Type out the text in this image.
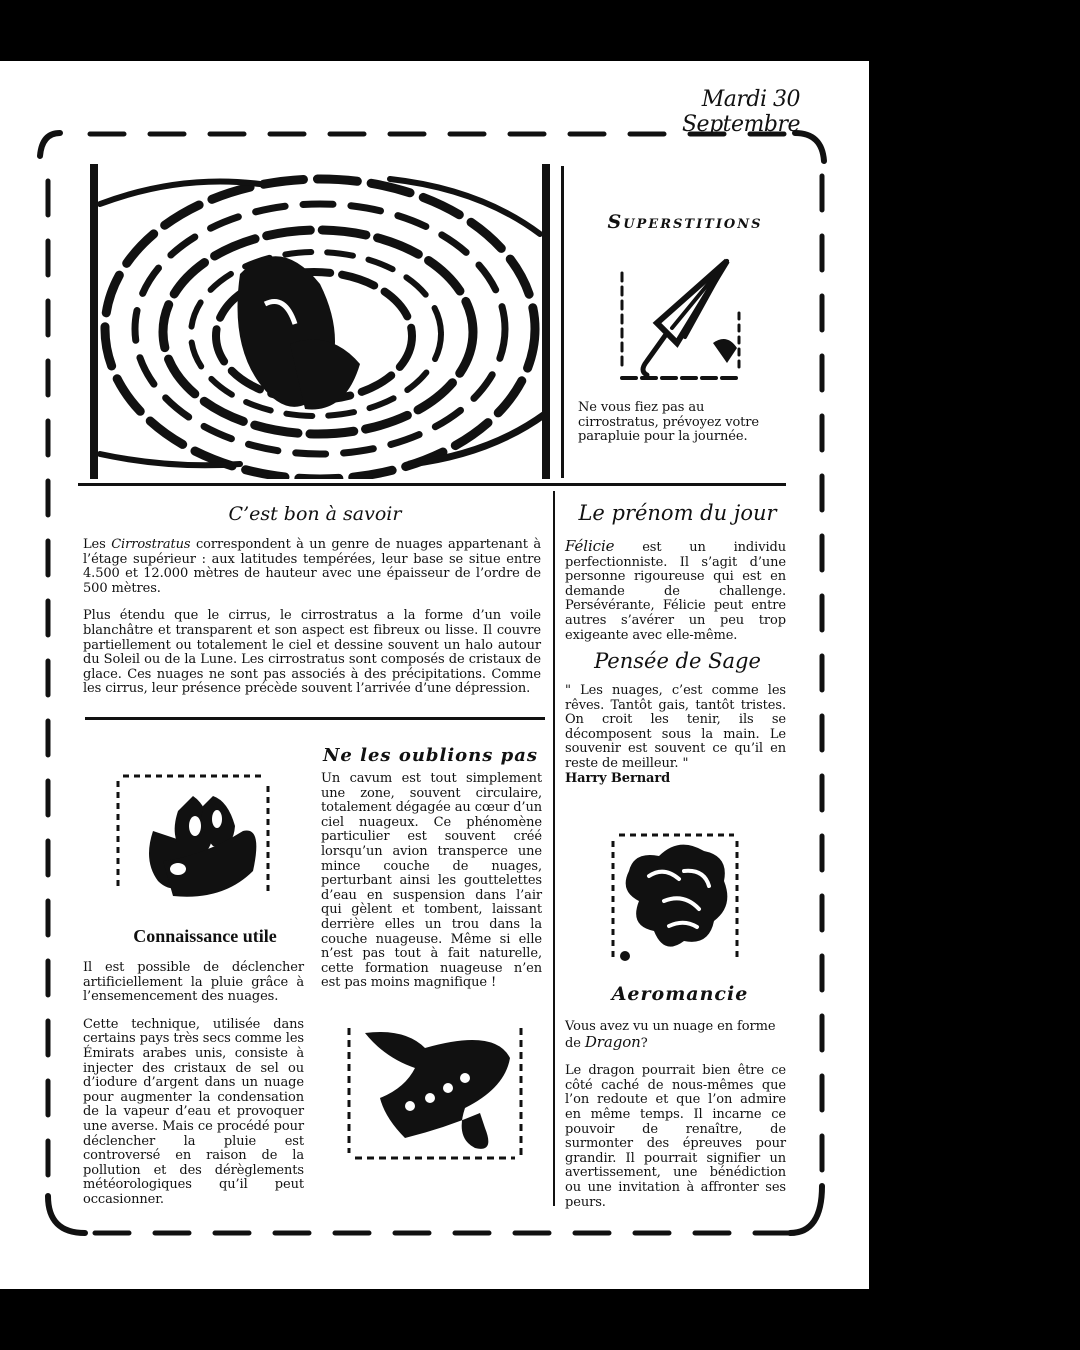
Mardi 30 Septembre
Superstitions
Ne vous fiez pas au cirrostratus, prévoyez votre parapluie pour la journée.
C’est bon à savoir

Les Cirrostratus correspondent à un genre de nuages appartenant à l’étage supérieur : aux latitudes tempérées, leur base se situe entre 4.500 et 12.000 mètres de hauteur avec une épaisseur de l’ordre de 500 mètres.

Plus étendu que le cirrus, le cirrostratus a la forme d’un voile blanchâtre et transparent et son aspect est fibreux ou lisse. Il couvre partiellement ou totalement le ciel et dessine souvent un halo autour du Soleil ou de la Lune. Les cirrostratus sont composés de cristaux de glace. Ces nuages ne sont pas associés à des précipitations. Comme les cirrus, leur présence précède souvent l’arrivée d’une dépression.

Le prénom du jour

Félicie est un individu perfectionniste. Il s’agit d’une personne rigoureuse qui est en demande de challenge. Persévérante, Félicie peut entre autres s’avérer un peu trop exigeante avec elle-même.

Pensée de Sage
" Les nuages, c’est comme les rêves. Tantôt gais, tantôt tristes. On croit les tenir, ils se décomposent sous la main. Le souvenir est souvent ce qu’il en reste de meilleur. "
Harry Bernard
Ne les oublions pas
Un cavum est tout simplement une zone, souvent circulaire, totalement dégagée au cœur d’un ciel nuageux. Ce phénomène particulier est souvent créé lorsqu’un avion transperce une mince couche de nuages, perturbant ainsi les gouttelettes d’eau en suspension dans l’air qui gèlent et tombent, laissant derrière elles un trou dans la couche nuageuse. Même si elle n’est pas tout à fait naturelle, cette formation nuageuse n’en est pas moins magnifique !
Connaissance utile

Il est possible de déclencher artificiellement la pluie grâce à l’ensemencement des nuages.

Cette technique, utilisée dans certains pays très secs comme les Émirats arabes unis, consiste à injecter des cristaux de sel ou d’iodure d’argent dans un nuage pour augmenter la condensation de la vapeur d’eau et provoquer une averse. Mais ce procédé pour déclencher la pluie est controversé en raison de la pollution et des dérèglements météorologiques qu’il peut occasionner.

Aeromancie

Vous avez vu un nuage en forme de Dragon?

Le dragon pourrait bien être ce côté caché de nous-mêmes que l’on redoute et que l’on admire en même temps. Il incarne ce pouvoir de renaître, de surmonter des épreuves pour grandir. Il pourrait signifier un avertissement, une bénédiction ou une invitation à affronter ses peurs.
